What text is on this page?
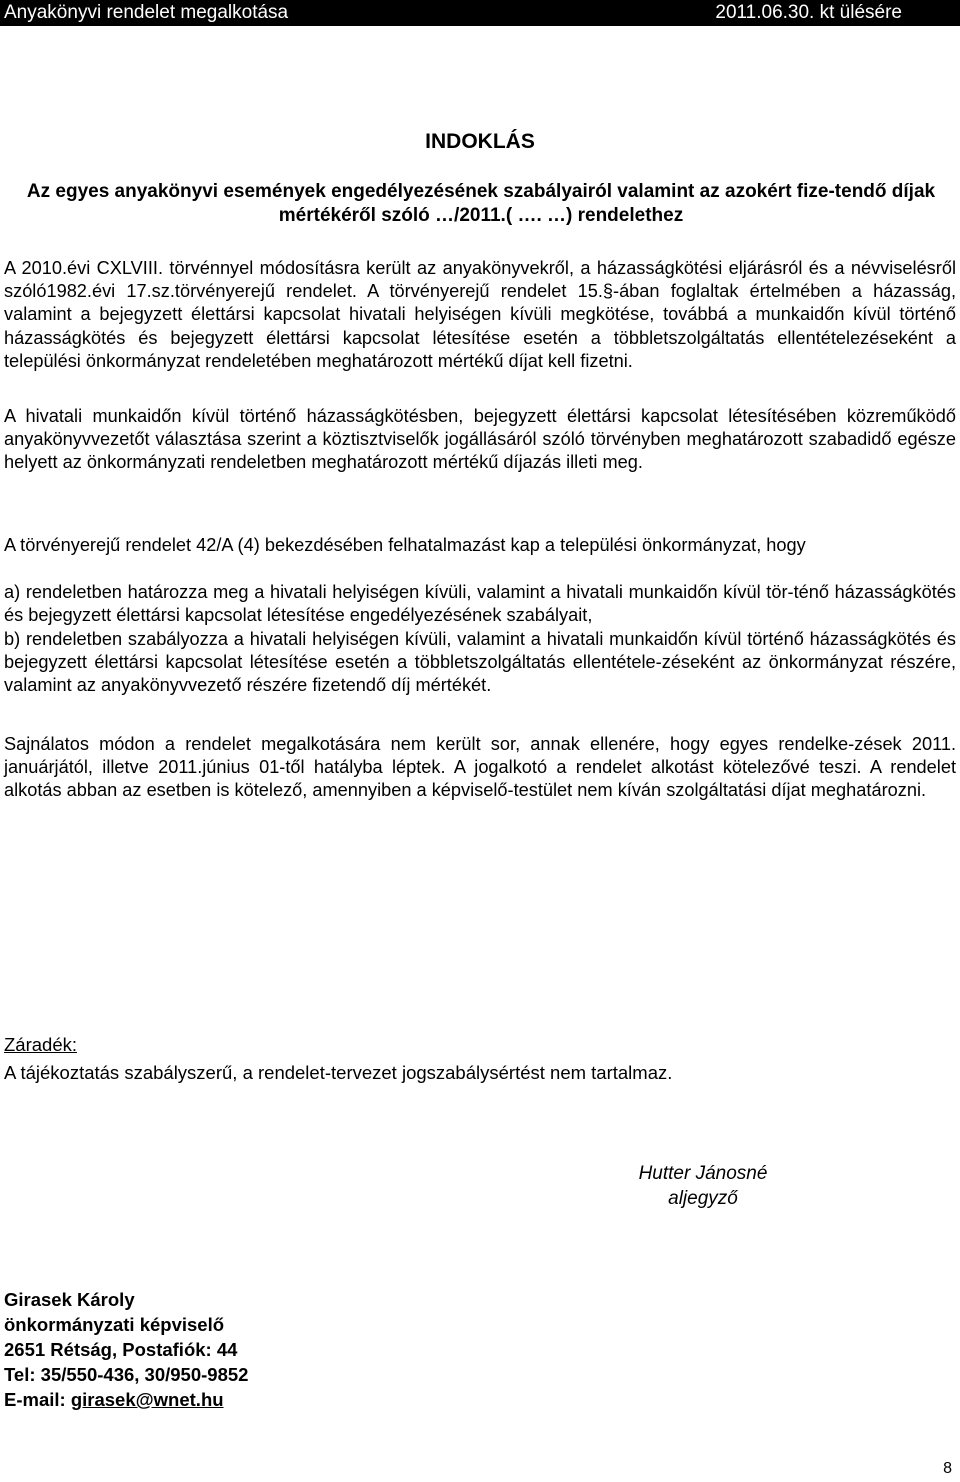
Anyakönyvi rendelet megalkotása	2011.06.30. kt ülésére
INDOKLÁS
Az egyes anyakönyvi események engedélyezésének szabályairól valamint az azokért fize-tendő díjak mértékéről szóló …/2011.( …. …) rendelethez

A 2010.évi CXLVIII. törvénnyel módosításra került az anyakönyvekről, a házasságkötési eljárásról és a névviselésről szóló1982.évi 17.sz.törvényerejű rendelet. A törvényerejű rendelet 15.§-ában foglaltak értelmében a házasság, valamint a bejegyzett élettársi kapcsolat hivatali helyiségen kívüli megkötése, továbbá a munkaidőn kívül történő házasságkötés és bejegyzett élettársi kapcsolat létesítése esetén a többletszolgáltatás ellentételezéseként a települési önkormányzat rendeletében meghatározott mértékű díjat kell fizetni.

A hivatali munkaidőn kívül történő házasságkötésben, bejegyzett élettársi kapcsolat létesítésében közreműködő anyakönyvvezetőt választása szerint a köztisztviselők jogállásáról szóló törvényben meghatározott szabadidő egésze helyett az önkormányzati rendeletben meghatározott mértékű díjazás illeti meg.

A törvényerejű rendelet 42/A (4) bekezdésében felhatalmazást kap a települési önkormányzat, hogy

a) rendeletben határozza meg a hivatali helyiségen kívüli, valamint a hivatali munkaidőn kívül tör-ténő házasságkötés és bejegyzett élettársi kapcsolat létesítése engedélyezésének szabályait,

b) rendeletben szabályozza a hivatali helyiségen kívüli, valamint a hivatali munkaidőn kívül történő házasságkötés és bejegyzett élettársi kapcsolat létesítése esetén a többletszolgáltatás ellentétele-zéseként az önkormányzat részére, valamint az anyakönyvvezető részére fizetendő díj mértékét.

Sajnálatos módon a rendelet megalkotására nem került sor, annak ellenére, hogy egyes rendelke-zések 2011. januárjától, illetve 2011.június 01-től hatályba léptek. A jogalkotó a rendelet alkotást kötelezővé teszi. A rendelet alkotás abban az esetben is kötelező, amennyiben a képviselő-testület nem kíván szolgáltatási díjat meghatározni.

Záradék:

A tájékoztatás szabályszerű, a rendelet-tervezet jogszabálysértést nem tartalmaz.

Hutter Jánosné

aljegyző

Girasek Károly

önkormányzati képviselő

2651 Rétság, Postafiók: 44

Tel: 35/550-436, 30/950-9852

E-mail: girasek@wnet.hu

8
